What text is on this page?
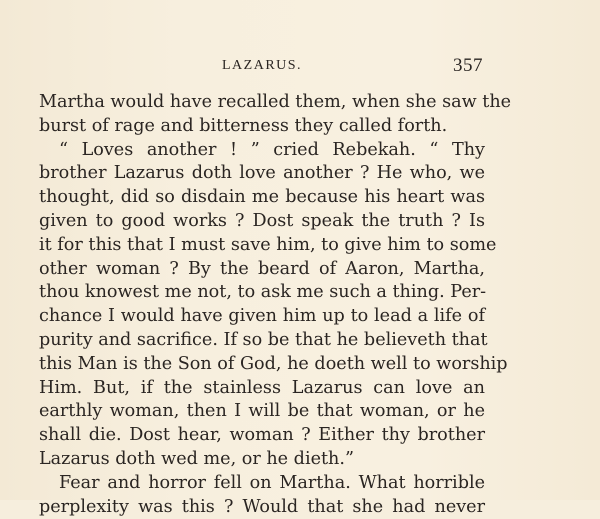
LAZARUS.	357
Martha would have recalled them, when she saw the
burst of rage and bitterness they called forth.
“ Loves another ! ” cried Rebekah. “ Thy
brother Lazarus doth love another ? He who, we
thought, did so disdain me because his heart was
given to good works ? Dost speak the truth ? Is
it for this that I must save him, to give him to some
other woman ? By the beard of Aaron, Martha,
thou knowest me not, to ask me such a thing. Per-
chance I would have given him up to lead a life of
purity and sacrifice. If so be that he believeth that
this Man is the Son of God, he doeth well to worship
Him. But, if the stainless Lazarus can love an
earthly woman, then I will be that woman, or he
shall die. Dost hear, woman ? Either thy brother
Lazarus doth wed me, or he dieth.”
Fear and horror fell on Martha. What horrible
perplexity was this ? Would that she had never
